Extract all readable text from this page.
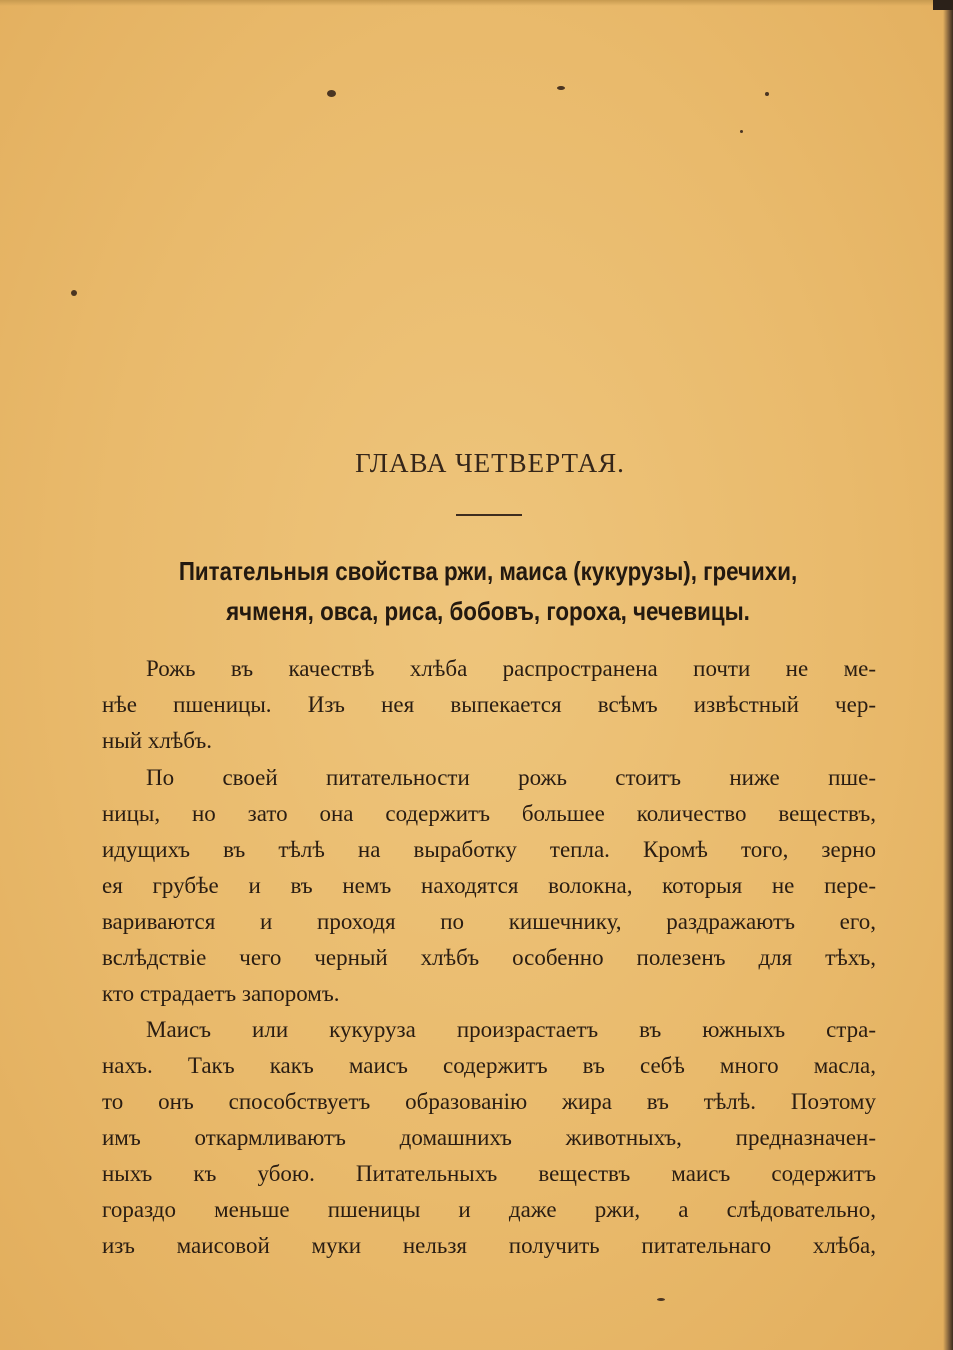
ГЛАВА ЧЕТВЕРТАЯ.
Питательныя свойства ржи, маиса (кукурузы), гречихи,
ячменя, овса, риса, бобовъ, гороха, чечевицы.
Рожь въ качествѣ хлѣба распространена почти не ме-
нѣе пшеницы. Изъ нея выпекается всѣмъ извѣстный чер-
ный хлѣбъ.
По своей питательности рожь стоитъ ниже пше-
ницы, но зато она содержитъ большее количество веществъ,
идущихъ въ тѣлѣ на выработку тепла. Кромѣ того, зерно
ея грубѣе и въ немъ находятся волокна, которыя не пере-
вариваются и проходя по кишечнику, раздражаютъ его,
вслѣдствіе чего черный хлѣбъ особенно полезенъ для тѣхъ,
кто страдаетъ запоромъ.
Маисъ или кукуруза произрастаетъ въ южныхъ стра-
нахъ. Такъ какъ маисъ содержитъ въ себѣ много масла,
то онъ способствуетъ образованію жира въ тѣлѣ. Поэтому
имъ откармливаютъ домашнихъ животныхъ, предназначен-
ныхъ къ убою. Питательныхъ веществъ маисъ содержитъ
гораздо меньше пшеницы и даже ржи, а слѣдовательно,
изъ маисовой муки нельзя получить питательнаго хлѣба,
